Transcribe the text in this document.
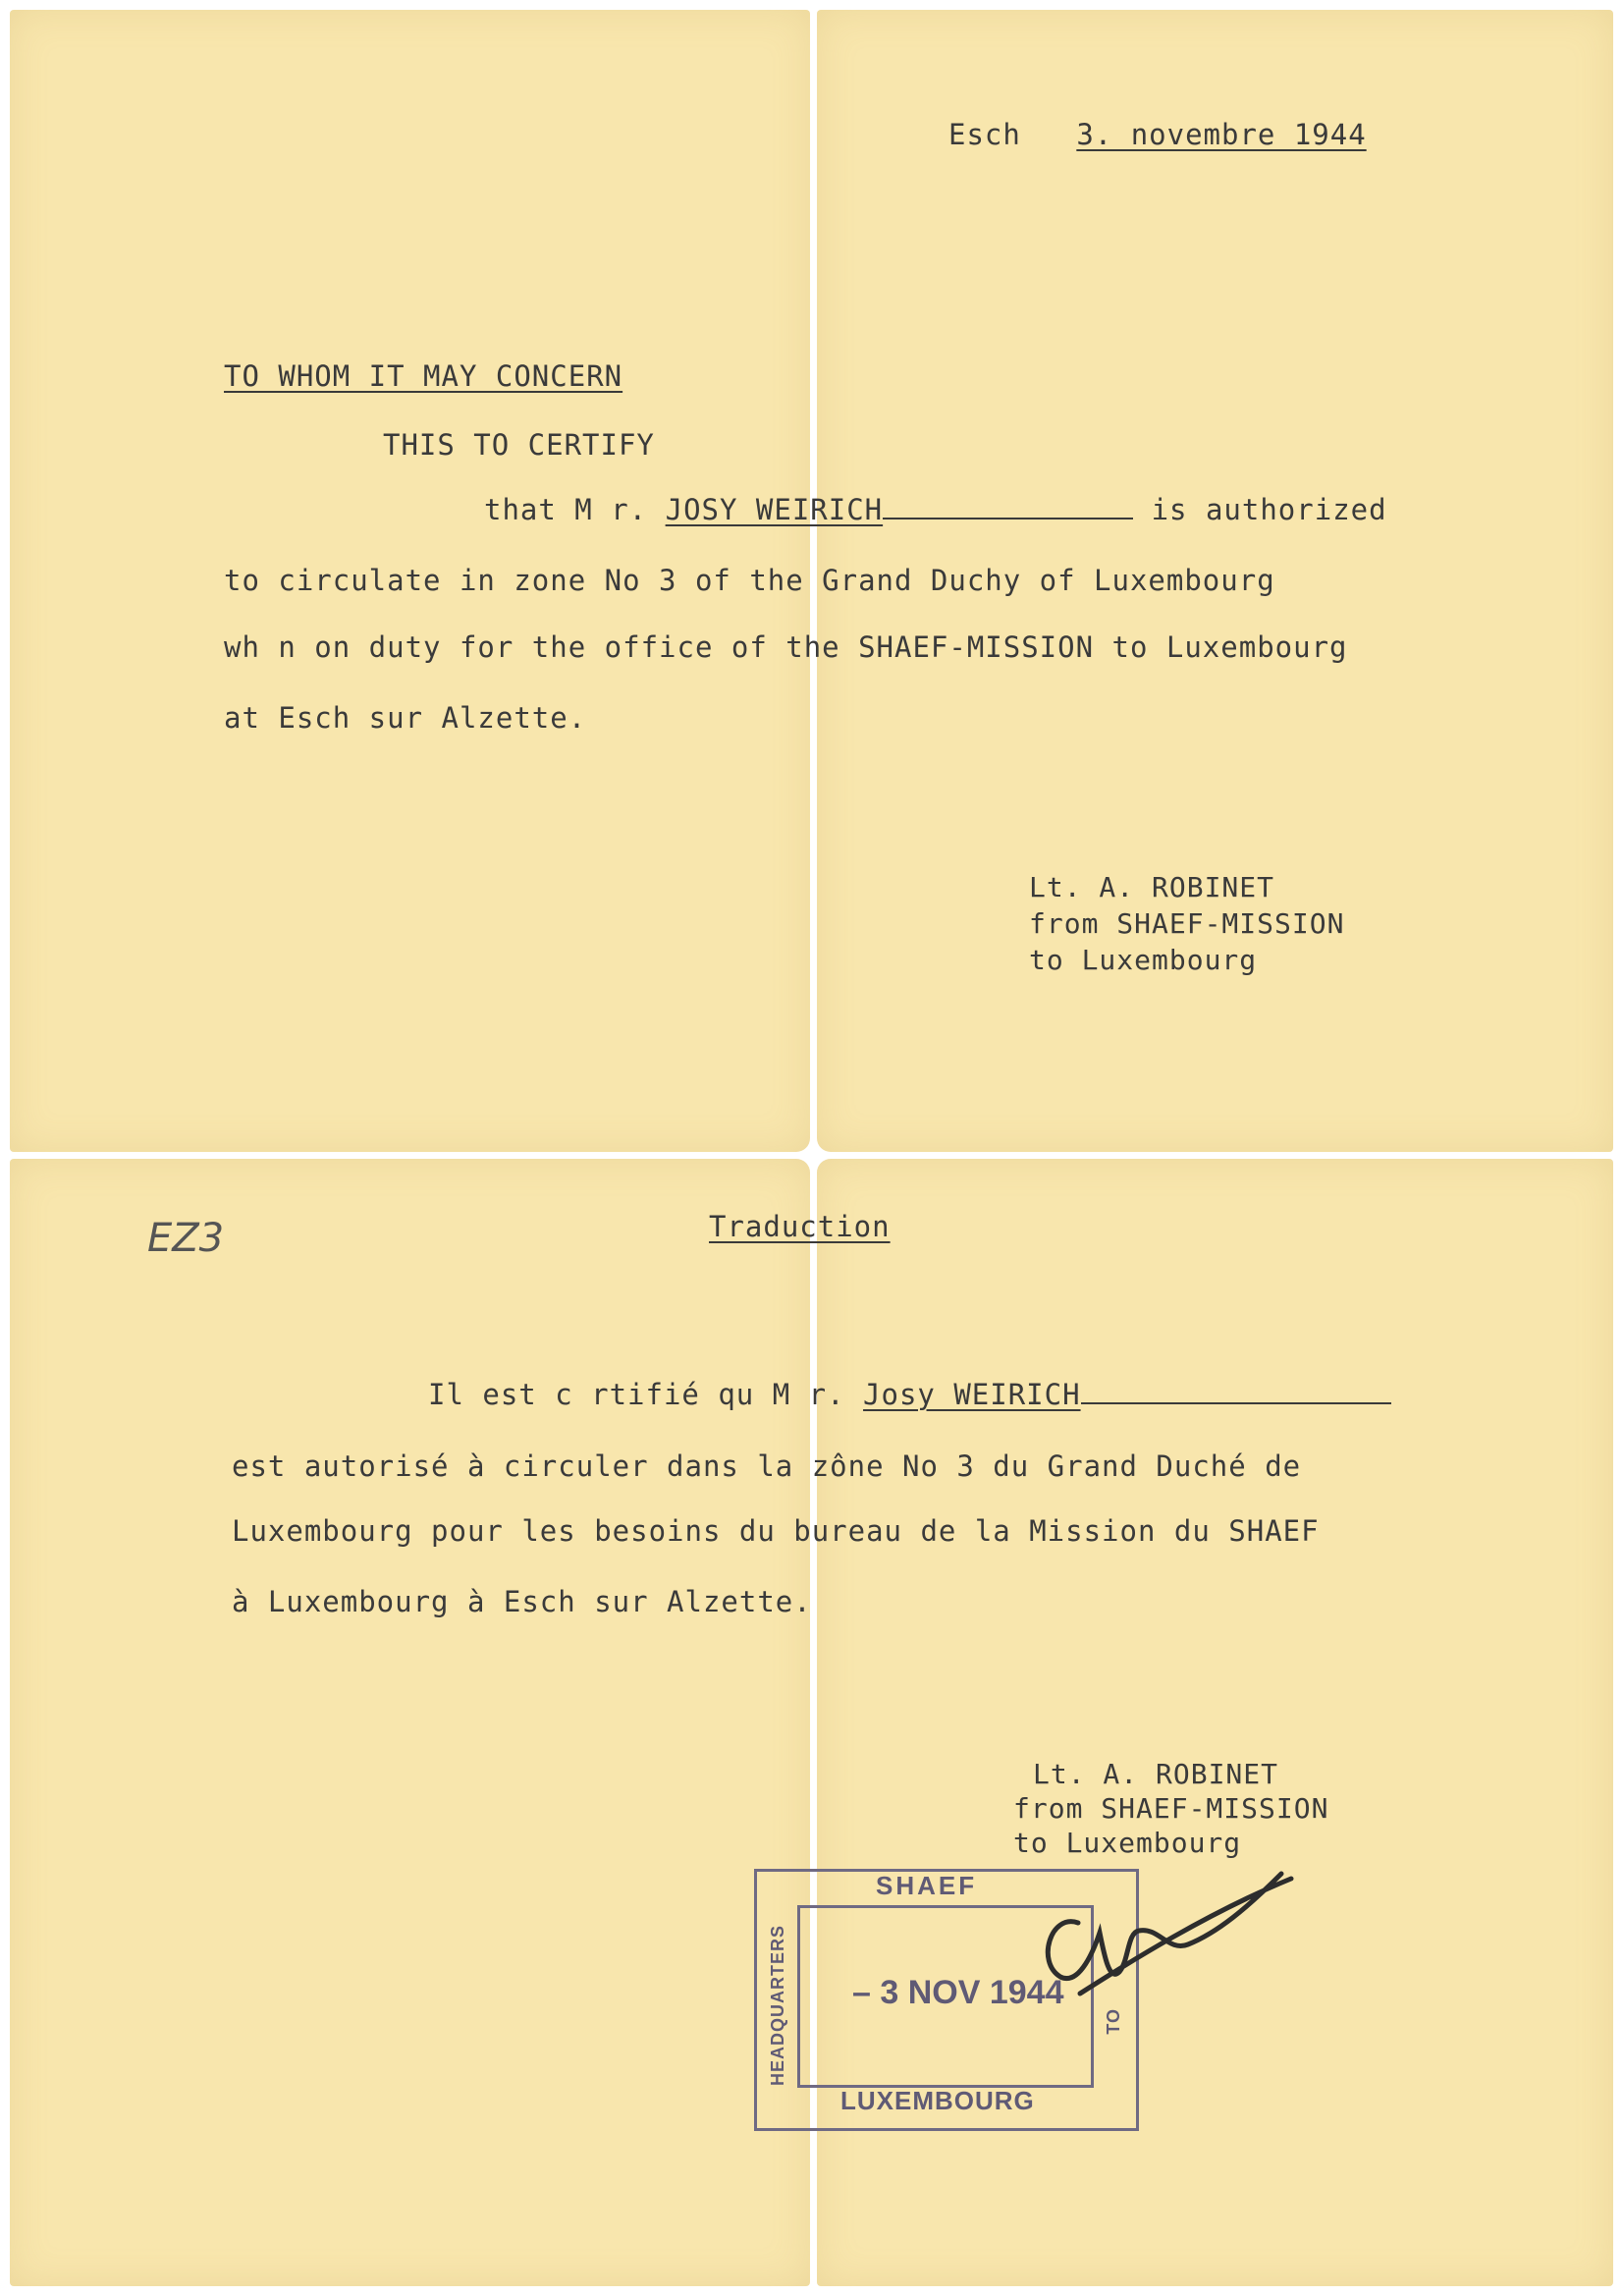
Esch 3. novembre 1944
TO WHOM IT MAY CONCERN
THIS TO CERTIFY
that M r. JOSY WEIRICH	is authorized
to circulate in zone No 3 of the Grand Duchy of Luxembourg
wh n on duty for the office of the SHAEF-MISSION to Luxembourg
at Esch sur Alzette.
Lt. A. ROBINET
from SHAEF-MISSION
to Luxembourg
EZ3	Traduction
Il est c rtifié qu M r. Josy WEIRICH
est autorisé à circuler dans la zône No 3 du Grand Duché de
Luxembourg pour les besoins du bureau de la Mission du SHAEF
à Luxembourg à Esch sur Alzette.
Lt. A. ROBINET
from SHAEF-MISSION
to Luxembourg
SHAEF
HEADQUARTERS	TO
– 3 NOV 1944
LUXEMBOURG
